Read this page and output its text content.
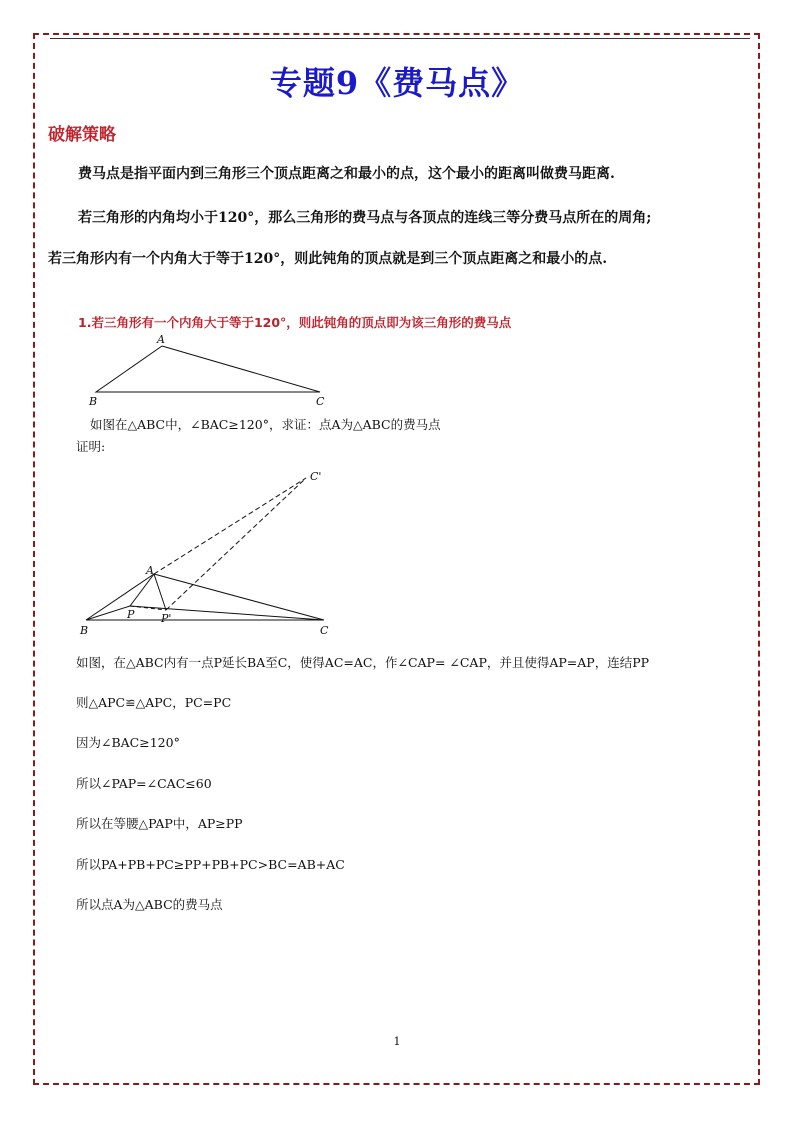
专题9《费马点》
破解策略
费马点是指平面内到三角形三个顶点距离之和最小的点，这个最小的距离叫做费马距离.
若三角形的内角均小于120°，那么三角形的费马点与各顶点的连线三等分费马点所在的周角;
若三角形内有一个内角大于等于120°，则此钝角的顶点就是到三个顶点距离之和最小的点.
1.若三角形有一个内角大于等于120°，则此钝角的顶点即为该三角形的费马点
A
B	C
如图在△ABC中，∠BAC≥120°，求证：点A为△ABC的费马点
证明:
C'
A
P P'
B	C
如图，在△ABC内有一点P延长BA至C，使得AC=AC，作∠CAP= ∠CAP，并且使得AP=AP，连结PP
则△APC≌△APC，PC=PC
因为∠BAC≥120°
所以∠PAP=∠CAC≤60
所以在等腰△PAP中，AP≥PP
所以PA+PB+PC≥PP+PB+PC>BC=AB+AC
所以点A为△ABC的费马点
1
